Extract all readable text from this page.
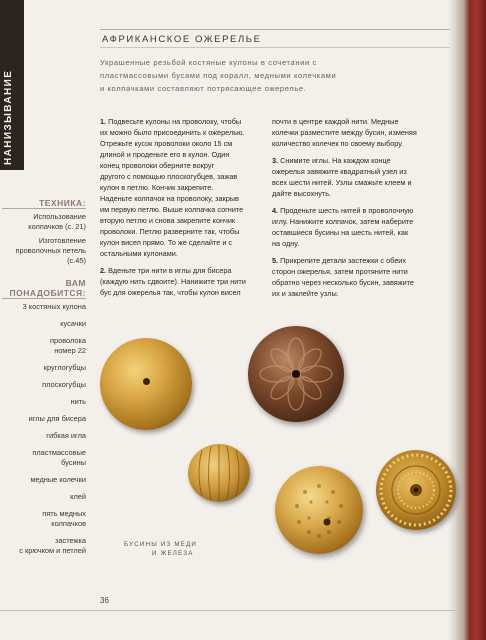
НАНИЗЫВАНИЕ
АФРИКАНСКОЕ ОЖЕРЕЛЬЕ
Украшенные резьбой костяные кулоны в сочетании с
пластмассовыми бусами под коралл, медными колечками
и колпачками составляют потрясающее ожерелье.
ТЕХНИКА:
Использование
колпачков (с. 21)
Изготовление
проволочных петель
(с.45)
ВАМ
ПОНАДОБИТСЯ:
3 костяных кулона
кусачки
проволока
номер 22
круглогубцы
плоскогубцы
нить
иглы для бисера
гибкая игла
пластмассовые
бусины
медные колечки
клей
пять медных
колпачков
застежка
с крючком и петлей

1. Подвесьте кулоны на проволоку, чтобы
их можно было присоединить к ожерелью.
Отрежьте кусок проволоки около 15 см
длиной и проденьте его в кулон. Один
конец проволоки оберните вокруг
другого с помощью плоскогубцев, зажав
кулон в петлю. Кончик закрепите.
Наденьте колпачок на проволоку, закрыв
им первую петлю. Выше колпачка согните
вторую петлю и снова закрепите кончик
проволоки. Петлю разверните так, чтобы
кулон висел прямо. То же сделайте и с
остальными кулонами.

2. Вденьте три нити в иглы для бисера
(каждую нить сдвоите). Нанижите три нити
бус для ожерелья так, чтобы кулон висел

почти в центре каждой нити. Медные
колечки разместите между бусин, изменяя
количество колечек по своему выбору.

3. Снимите иглы. На каждом конце
ожерелья завяжите квадратный узел из
всех шести нитей. Узлы смажьте клеем и
дайте высохнуть.

4. Проденьте шесть нитей в проволочную
иглу. Нанижите колпачок, затем наберите
оставшиеся бусины на шесть нитей, как
на одну.

5. Прикрепите детали застежки с обеих
сторон ожерелья, затем протяните нити
обратно через несколько бусин, завяжите
их и заклейте узлы.

БУСИНЫ ИЗ МЕДИ
И ЖЕЛЕЗА
36
